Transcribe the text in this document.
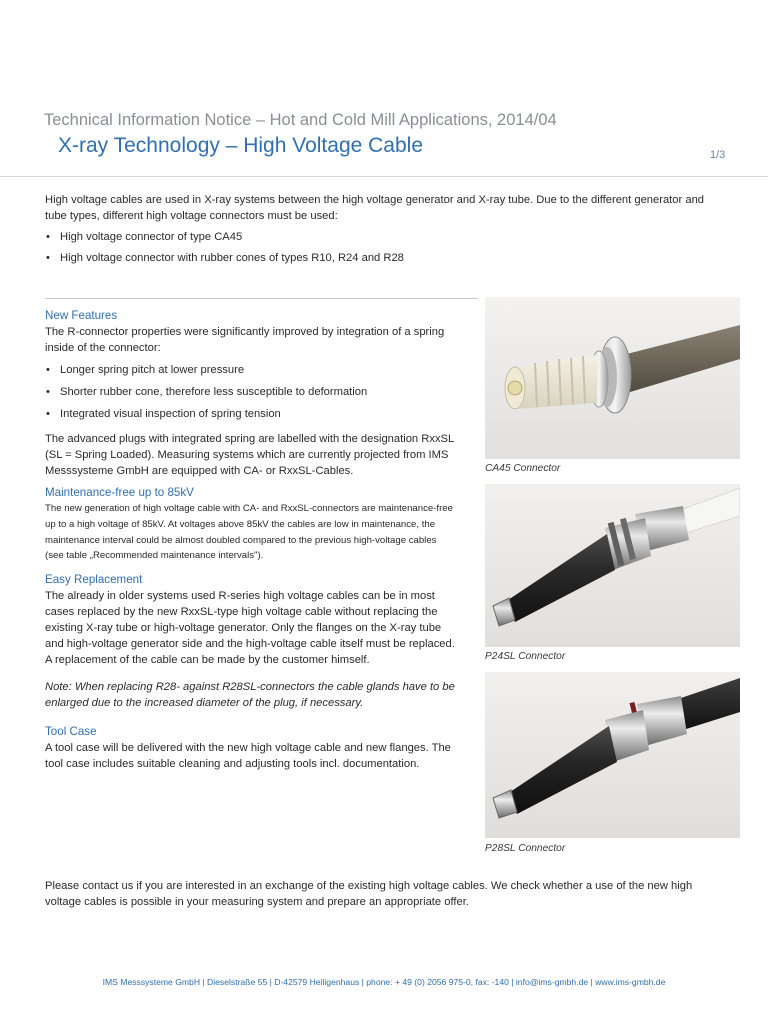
Technical Information Notice – Hot and Cold Mill Applications, 2014/04
X-ray Technology – High Voltage Cable	1/3

High voltage cables are used in X-ray systems between the high voltage generator and X-ray tube. Due to the different generator and tube types, different high voltage connectors must be used:

• High voltage connector of type CA45
• High voltage connector with rubber cones of types R10, R24 and R28

New Features

The R-connector properties were significantly improved by integration of a spring inside of the connector:

• Longer spring pitch at lower pressure
• Shorter rubber cone, therefore less susceptible to deformation
• Integrated visual inspection of spring tension

The advanced plugs with integrated spring are labelled with the designation RxxSL (SL = Spring Loaded). Measuring systems which are currently projected from IMS Messsysteme GmbH are equipped with CA- or RxxSL-Cables.

Maintenance-free up to 85kV

The new generation of high voltage cable with CA- and RxxSL-connectors are maintenance-free up to a high voltage of 85kV. At voltages above 85kV the cables are low in maintenance, the maintenance interval could be almost doubled compared to the previous high-voltage cables (see table „Recommended maintenance intervals").

Easy Replacement

The already in older systems used R-series high voltage cables can be in most cases replaced by the new RxxSL-type high voltage cable without replacing the existing X-ray tube or high-voltage generator. Only the flanges on the X-ray tube and high-voltage generator side and the high-voltage cable itself must be replaced. A replacement of the cable can be made by the customer himself.

Note: When replacing R28- against R28SL-connectors the cable glands have to be enlarged due to the increased diameter of the plug, if necessary.

Tool Case

A tool case will be delivered with the new high voltage cable and new flanges. The tool case includes suitable cleaning and adjusting tools incl. documentation.

CA45 Connector
P24SL Connector
P28SL Connector

Please contact us if you are interested in an exchange of the existing high voltage cables. We check whether a use of the new high voltage cables is possible in your measuring system and prepare an appropriate offer.

IMS Messsysteme GmbH | Dieselstraße 55 | D-42579 Heiligenhaus | phone: + 49 (0) 2056 975-0, fax: -140 | info@ims-gmbh.de | www.ims-gmbh.de
